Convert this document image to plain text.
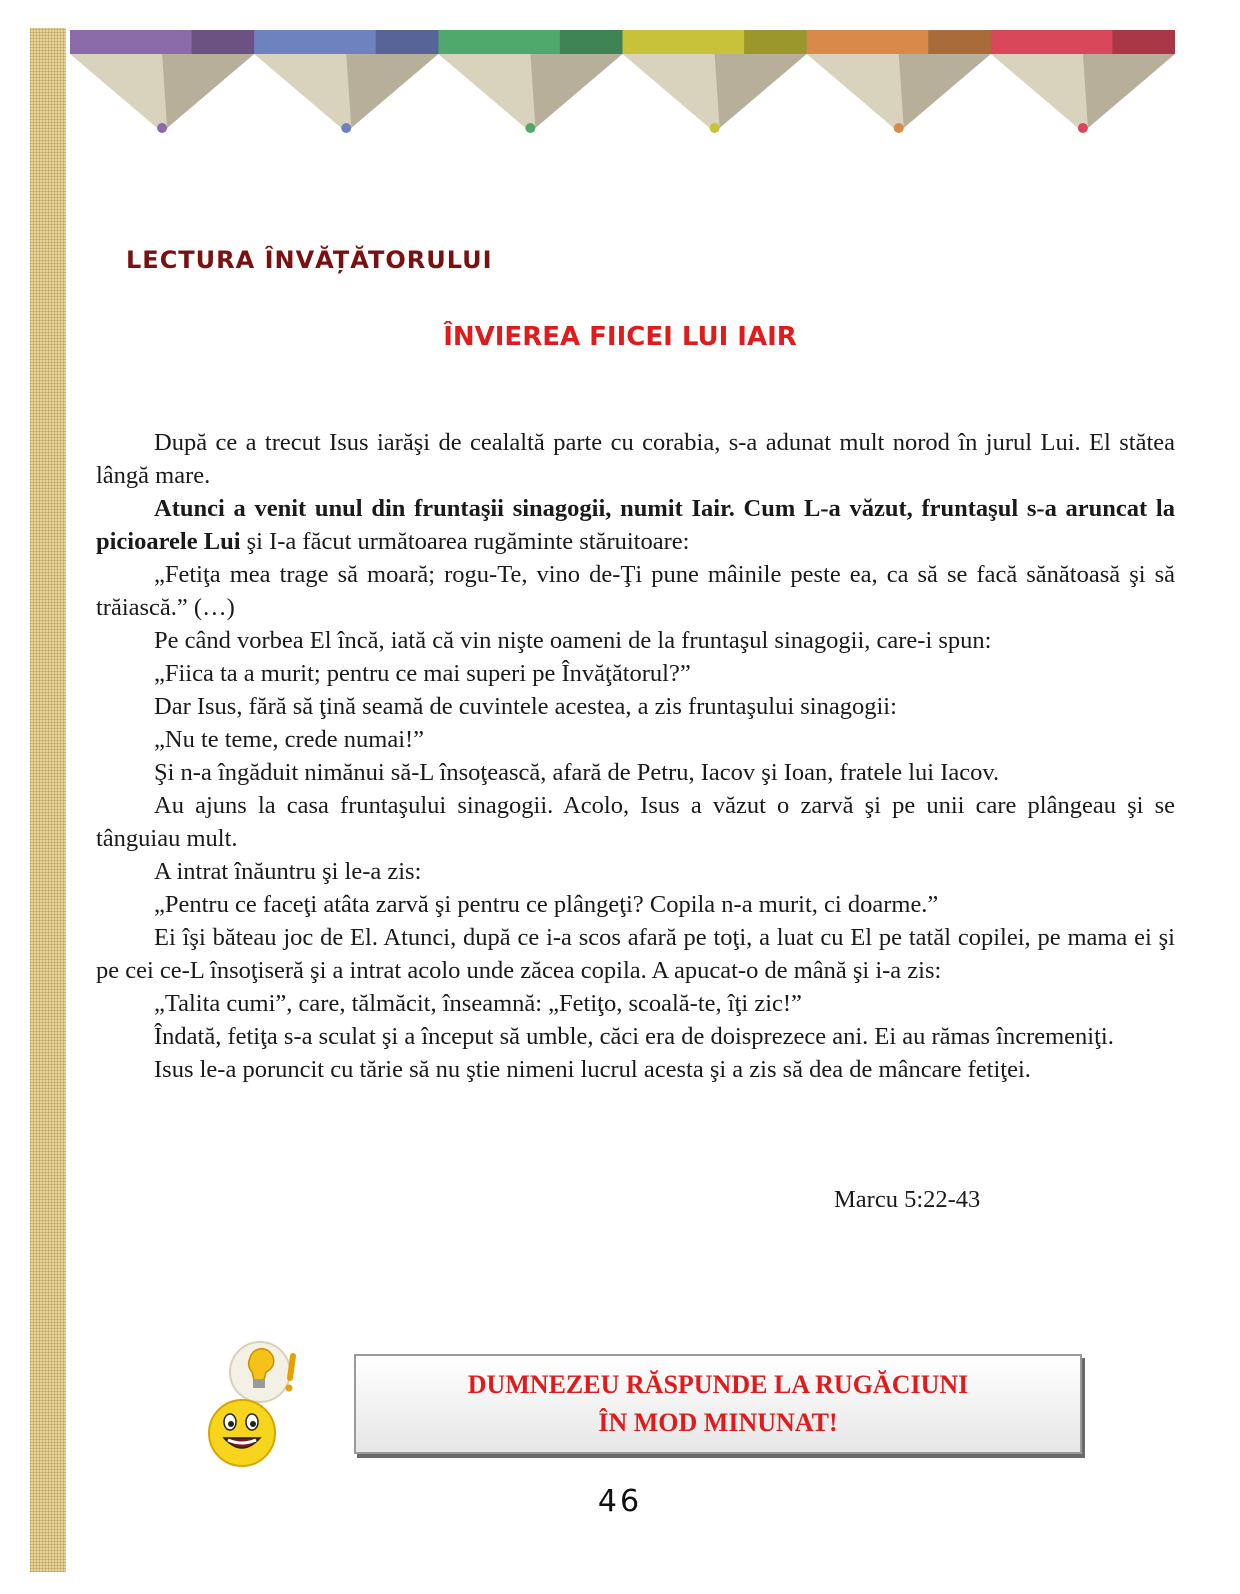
LECTURA ÎNVĂȚĂTORULUI
ÎNVIEREA FIICEI LUI IAIR

După ce a trecut Isus iarăşi de cealaltă parte cu corabia, s-a adunat mult norod în jurul Lui. El stătea lângă mare.

Atunci a venit unul din fruntaşii sinagogii, numit Iair. Cum L-a văzut, fruntaşul s-a aruncat la picioarele Lui şi I-a făcut următoarea rugăminte stăruitoare:

„Fetiţa mea trage să moară; rogu-Te, vino de-Ţi pune mâinile peste ea, ca să se facă sănătoasă şi să trăiască.” (…)

Pe când vorbea El încă, iată că vin nişte oameni de la fruntaşul sinagogii, care-i spun:

„Fiica ta a murit; pentru ce mai superi pe Învăţătorul?”

Dar Isus, fără să ţină seamă de cuvintele acestea, a zis fruntaşului sinagogii:

„Nu te teme, crede numai!”

Şi n-a îngăduit nimănui să-L însoţească, afară de Petru, Iacov şi Ioan, fratele lui Iacov.

Au ajuns la casa fruntaşului sinagogii. Acolo, Isus a văzut o zarvă şi pe unii care plângeau şi se tânguiau mult.

A intrat înăuntru şi le-a zis:

„Pentru ce faceţi atâta zarvă şi pentru ce plângeţi? Copila n-a murit, ci doarme.”

Ei îşi băteau joc de El. Atunci, după ce i-a scos afară pe toţi, a luat cu El pe tatăl copilei, pe mama ei şi pe cei ce-L însoţiseră şi a intrat acolo unde zăcea copila. A apucat-o de mână şi i-a zis:

„Talita cumi”, care, tălmăcit, înseamnă: „Fetiţo, scoală-te, îţi zic!”

Îndată, fetiţa s-a sculat şi a început să umble, căci era de doisprezece ani. Ei au rămas încremeniţi.

Isus le-a poruncit cu tărie să nu ştie nimeni lucrul acesta şi a zis să dea de mâncare fetiţei.

Marcu 5:22-43
DUMNEZEU RĂSPUNDE LA RUGĂCIUNI
ÎN MOD MINUNAT!
46
